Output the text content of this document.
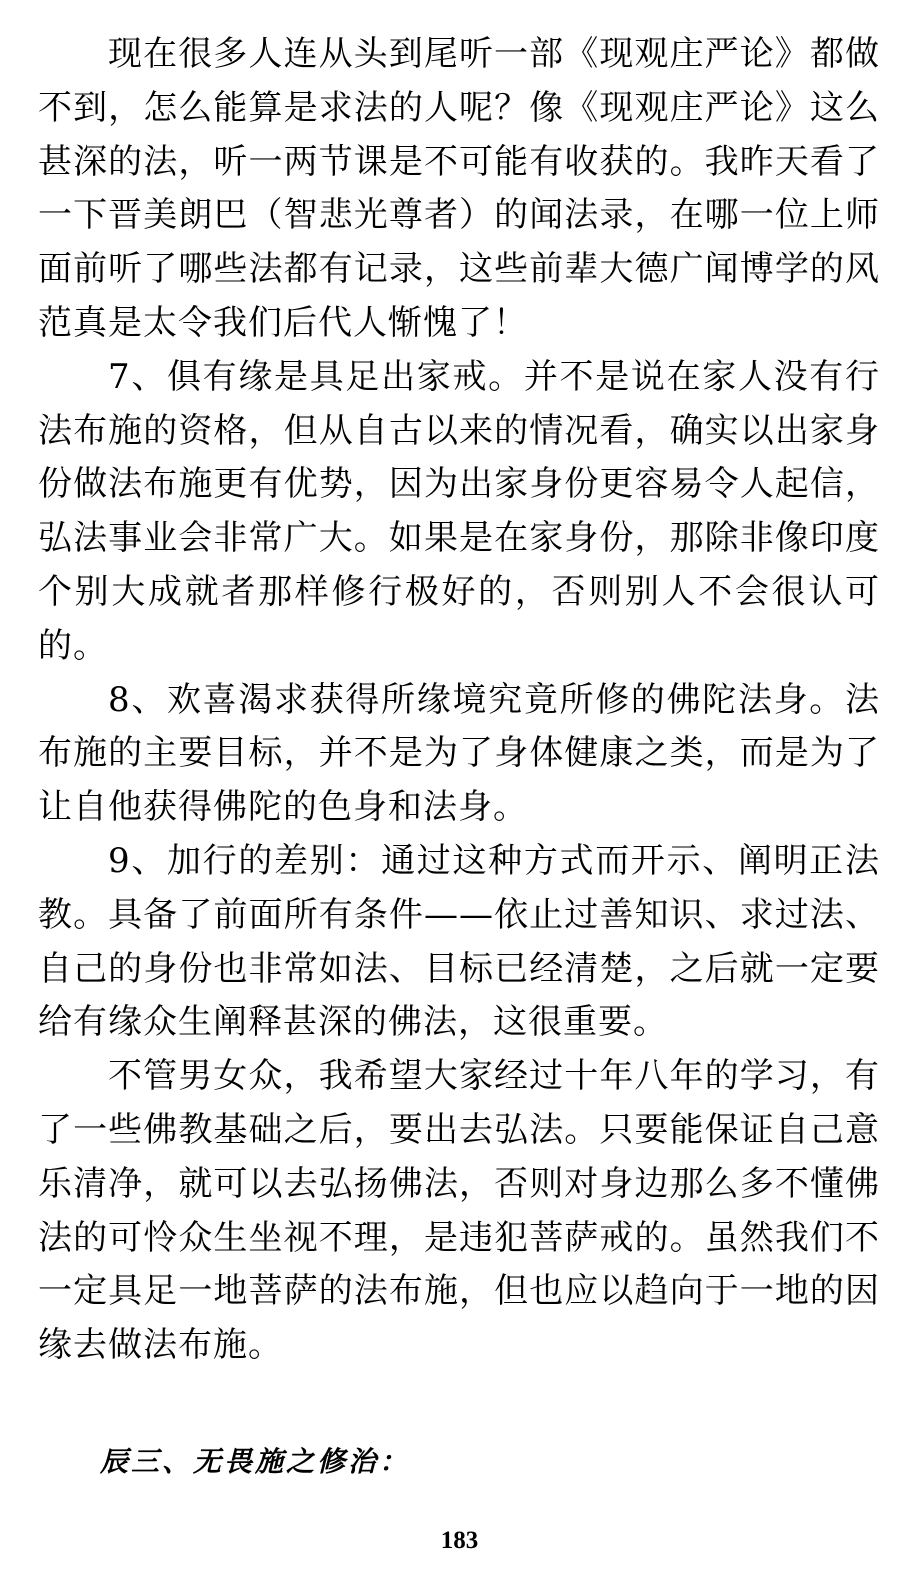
现在很多人连从头到尾听一部《现观庄严论》都做不到，怎么能算是求法的人呢？像《现观庄严论》这么甚深的法，听一两节课是不可能有收获的。我昨天看了一下晋美朗巴（智悲光尊者）的闻法录，在哪一位上师面前听了哪些法都有记录，这些前辈大德广闻博学的风范真是太令我们后代人惭愧了！

7、俱有缘是具足出家戒。并不是说在家人没有行法布施的资格，但从自古以来的情况看，确实以出家身份做法布施更有优势，因为出家身份更容易令人起信，弘法事业会非常广大。如果是在家身份，那除非像印度个别大成就者那样修行极好的，否则别人不会很认可的。

8、欢喜渴求获得所缘境究竟所修的佛陀法身。法布施的主要目标，并不是为了身体健康之类，而是为了让自他获得佛陀的色身和法身。

9、加行的差别：通过这种方式而开示、阐明正法教。具备了前面所有条件——依止过善知识、求过法、自己的身份也非常如法、目标已经清楚，之后就一定要给有缘众生阐释甚深的佛法，这很重要。

不管男女众，我希望大家经过十年八年的学习，有了一些佛教基础之后，要出去弘法。只要能保证自己意乐清净，就可以去弘扬佛法，否则对身边那么多不懂佛法的可怜众生坐视不理，是违犯菩萨戒的。虽然我们不一定具足一地菩萨的法布施，但也应以趋向于一地的因缘去做法布施。

辰三、无畏施之修治：
183
